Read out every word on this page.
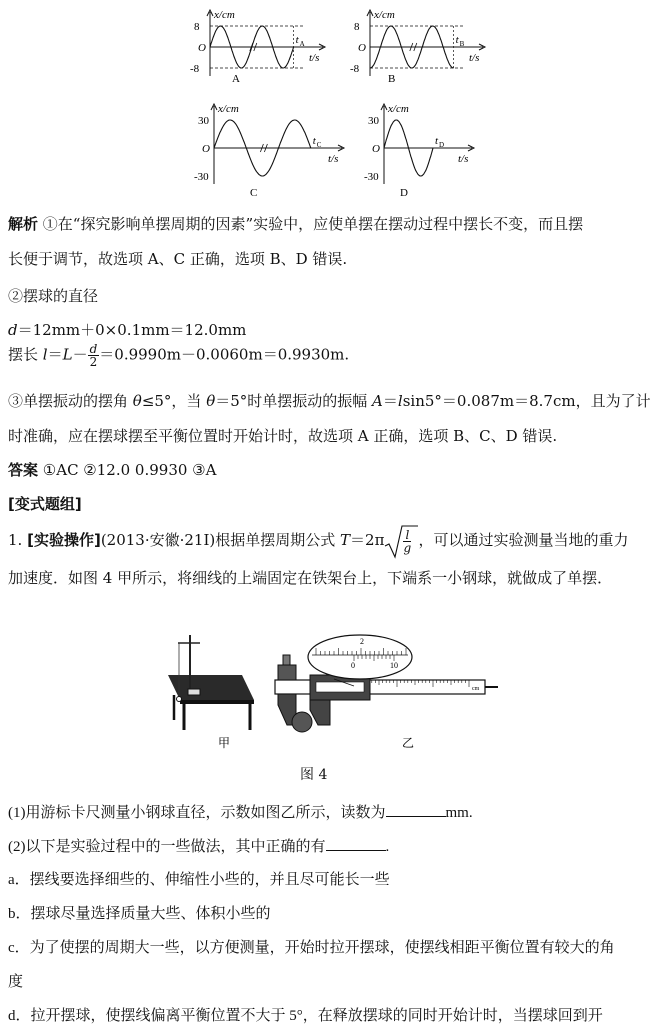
x/cm
8
-8
O
t/s
A
t A
x/cm
8
-8
O
t/s
B
t B
x/cm
30
-30
O
t/s
C
t C
x/cm
30
-30
O
t/s
D
t D
解析 ①在“探究影响单摆周期的因素”实验中，应使单摆在摆动过程中摆长不变，而且摆
长便于调节，故选项 A、C 正确，选项 B、D 错误.
②摆球的直径
d＝12mm＋0×0.1mm＝12.0mm
摆长 $l=L- \frac{d}{2} =0.9990m-0.0060m=0.9930m$.
③单摆振动的摆角 θ≤5°，当 θ＝5°时单摆振动的振幅 A＝lsin5°＝0.087m＝8.7cm，且为了计
时准确，应在摆球摆至平衡位置时开始计时，故选项 A 正确，选项 B、C、D 错误.
答案 ①AC ②12.0 0.9930 ③A
[变式题组]
1. [实验操作](2013·安徽·21Ⅰ)根据单摆周期公式 $T=2\pi \frac{l}{g}$ ，可以通过实验测量当地的重力
加速度．如图 4 甲所示，将细线的上端固定在铁架台上，下端系一小钢球，就做成了单摆．
甲	乙
2
0	10
cm
图 4
(1)用游标卡尺测量小钢球直径，示数如图乙所示，读数为	mm.
(2)以下是实验过程中的一些做法，其中正确的有	.
a．摆线要选择细些的、伸缩性小些的，并且尽可能长一些
b．摆球尽量选择质量大些、体积小些的
c．为了使摆的周期大一些，以方便测量，开始时拉开摆球，使摆线相距平衡位置有较大的角
度
d．拉开摆球，使摆线偏离平衡位置不大于 5°，在释放摆球的同时开始计时，当摆球回到开
